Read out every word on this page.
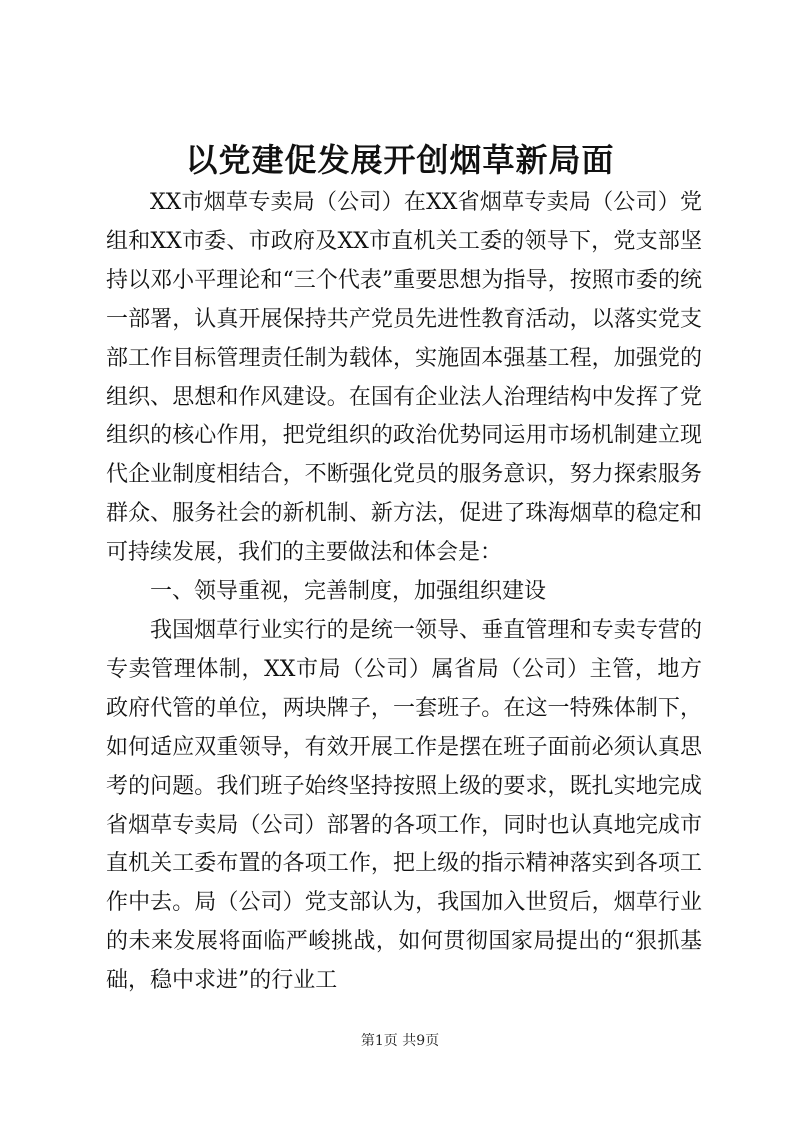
以党建促发展开创烟草新局面

XX市烟草专卖局（公司）在XX省烟草专卖局（公司）党组和XX市委、市政府及XX市直机关工委的领导下，党支部坚持以邓小平理论和“三个代表”重要思想为指导，按照市委的统一部署，认真开展保持共产党员先进性教育活动，以落实党支部工作目标管理责任制为载体，实施固本强基工程，加强党的组织、思想和作风建设。在国有企业法人治理结构中发挥了党组织的核心作用，把党组织的政治优势同运用市场机制建立现代企业制度相结合，不断强化党员的服务意识，努力探索服务群众、服务社会的新机制、新方法，促进了珠海烟草的稳定和可持续发展，我们的主要做法和体会是：

一、领导重视，完善制度，加强组织建设

我国烟草行业实行的是统一领导、垂直管理和专卖专营的专卖管理体制，XX市局（公司）属省局（公司）主管，地方政府代管的单位，两块牌子，一套班子。在这一特殊体制下，如何适应双重领导，有效开展工作是摆在班子面前必须认真思考的问题。我们班子始终坚持按照上级的要求，既扎实地完成省烟草专卖局（公司）部署的各项工作，同时也认真地完成市直机关工委布置的各项工作，把上级的指示精神落实到各项工作中去。局（公司）党支部认为，我国加入世贸后，烟草行业的未来发展将面临严峻挑战，如何贯彻国家局提出的“狠抓基础，稳中求进”的行业工

第1页 共9页
